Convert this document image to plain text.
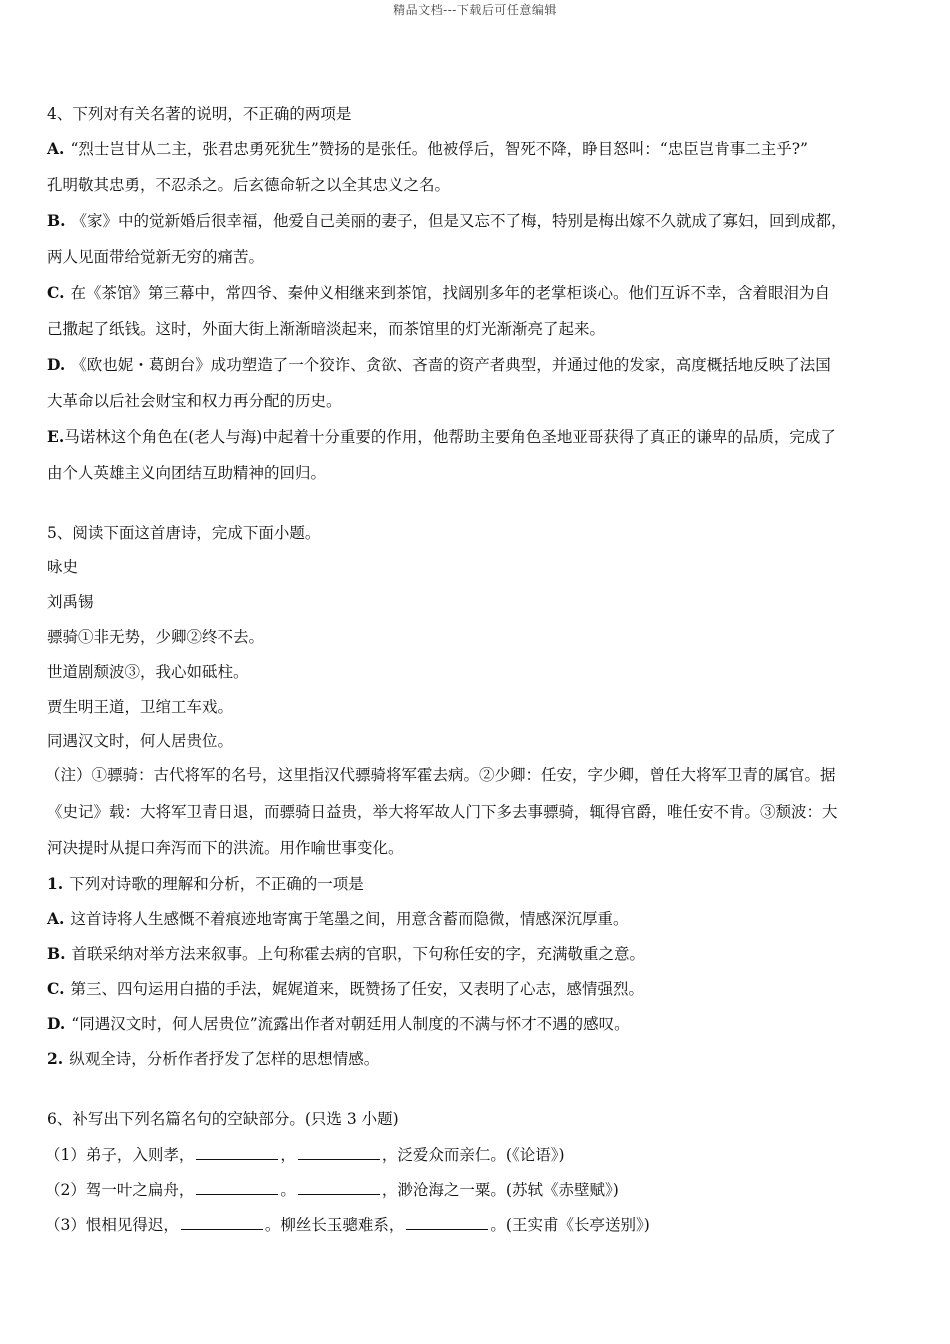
精品文档---下载后可任意编辑
4、下列对有关名著的说明，不正确的两项是
A. “烈士岂甘从二主，张君忠勇死犹生”赞扬的是张任。他被俘后，智死不降，睁目怒叫：“忠臣岂肯事二主乎?”
孔明敬其忠勇，不忍杀之。后玄德命斩之以全其忠义之名。
B. 《家》中的觉新婚后很幸福，他爱自己美丽的妻子，但是又忘不了梅，特别是梅出嫁不久就成了寡妇，回到成都，
两人见面带给觉新无穷的痛苦。
C. 在《茶馆》第三幕中，常四爷、秦仲义相继来到茶馆，找阔别多年的老掌柜谈心。他们互诉不幸，含着眼泪为自
己撒起了纸钱。这时，外面大街上渐渐暗淡起来，而茶馆里的灯光渐渐亮了起来。
D. 《欧也妮・葛朗台》成功塑造了一个狡诈、贪欲、吝啬的资产者典型，并通过他的发家，高度概括地反映了法国
大革命以后社会财宝和权力再分配的历史。
E.马诺林这个角色在(老人与海)中起着十分重要的作用，他帮助主要角色圣地亚哥获得了真正的谦卑的品质，完成了
由个人英雄主义向团结互助精神的回归。
5、阅读下面这首唐诗，完成下面小题。
咏史
刘禹锡
骠骑①非无势，少卿②终不去。
世道剧颓波③，我心如砥柱。
贾生明王道，卫绾工车戏。
同遇汉文时，何人居贵位。
（注）①骠骑：古代将军的名号，这里指汉代骠骑将军霍去病。②少卿：任安，字少卿，曾任大将军卫青的属官。据
《史记》载：大将军卫青日退，而骠骑日益贵，举大将军故人门下多去事骠骑，辄得官爵，唯任安不肯。③颓波：大
河决提时从提口奔泻而下的洪流。用作喻世事变化。
1. 下列对诗歌的理解和分析，不正确的一项是
A. 这首诗将人生感慨不着痕迹地寄寓于笔墨之间，用意含蓄而隐微，情感深沉厚重。
B. 首联采纳对举方法来叙事。上句称霍去病的官职，下句称任安的字，充满敬重之意。
C. 第三、四句运用白描的手法，娓娓道来，既赞扬了任安，又表明了心志，感情强烈。
D. “同遇汉文时，何人居贵位”流露出作者对朝廷用人制度的不满与怀才不遇的感叹。
2. 纵观全诗，分析作者抒发了怎样的思想情感。
6、补写出下列名篇名句的空缺部分。(只选 3 小题)
（1）弟子，入则孝，	，	，泛爱众而亲仁。(《论语》)
（2）驾一叶之扁舟，	。	，渺沧海之一粟。(苏轼《赤壁赋》)
（3）恨相见得迟，	。柳丝长玉骢难系，	。(王实甫《长亭送别》)
